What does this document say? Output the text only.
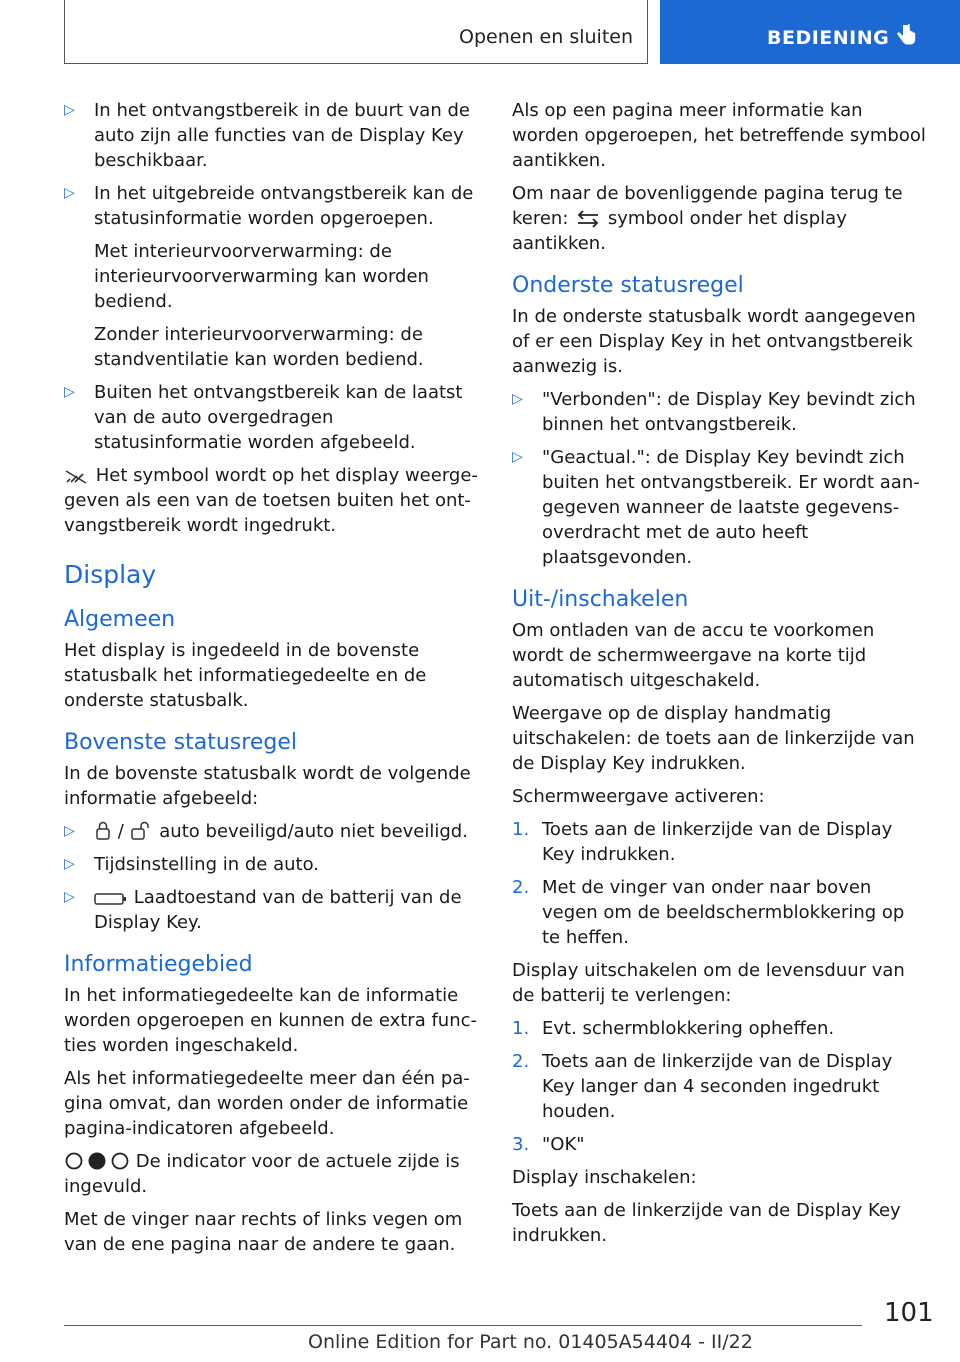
Openen en sluiten	BEDIENING
▷ In het ontvangstbereik in de buurt van de auto zijn alle functies van de Display Key beschikbaar.
▷ In het uitgebreide ontvangstbereik kan de statusinformatie worden opgeroepen.
Met interieurvoorverwarming: de interieurvoorverwarming kan worden bediend.
Zonder interieurvoorverwarming: de standventilatie kan worden bediend.
▷ Buiten het ontvangstbereik kan de laatst van de auto overgedragen statusinformatie worden afgebeeld.
Het symbool wordt op het display weergegeven als een van de toetsen buiten het ontvangstbereik wordt ingedrukt.
Display
Algemeen
Het display is ingedeeld in de bovenste statusbalk het informatiegedeelte en de onderste statusbalk.
Bovenste statusregel
In de bovenste statusbalk wordt de volgende informatie afgebeeld:
▷ / auto beveiligd/auto niet beveiligd.
▷ Tijdsinstelling in de auto.
▷	Laadtoestand van de batterij van de Display Key.
Informatiegebied
In het informatiegedeelte kan de informatie worden opgeroepen en kunnen de extra functies worden ingeschakeld.
Als het informatiegedeelte meer dan één pagina omvat, dan worden onder de informatie pagina-indicatoren afgebeeld.
De indicator voor de actuele zijde is ingevuld.
Met de vinger naar rechts of links vegen om van de ene pagina naar de andere te gaan.
Als op een pagina meer informatie kan worden opgeroepen, het betreffende symbool aantikken.
Om naar de bovenliggende pagina terug te keren: symbool onder het display aantikken.
Onderste statusregel
In de onderste statusbalk wordt aangegeven of er een Display Key in het ontvangstbereik aanwezig is.
▷ "Verbonden": de Display Key bevindt zich binnen het ontvangstbereik.
▷ "Geactual.": de Display Key bevindt zich buiten het ontvangstbereik. Er wordt aangegeven wanneer de laatste gegevensoverdracht met de auto heeft plaatsgevonden.
Uit-/inschakelen
Om ontladen van de accu te voorkomen wordt de schermweergave na korte tijd automatisch uitgeschakeld.
Weergave op de display handmatig uitschakelen: de toets aan de linkerzijde van de Display Key indrukken.
Schermweergave activeren:
1. Toets aan de linkerzijde van de Display Key indrukken.
2. Met de vinger van onder naar boven vegen om de beeldschermblokkering op te heffen.
Display uitschakelen om de levensduur van de batterij te verlengen:
1. Evt. schermblokkering opheffen.
2. Toets aan de linkerzijde van de Display Key langer dan 4 seconden ingedrukt houden.
3. "OK"
Display inschakelen:
Toets aan de linkerzijde van de Display Key indrukken.
101
Online Edition for Part no. 01405A54404 - II/22
